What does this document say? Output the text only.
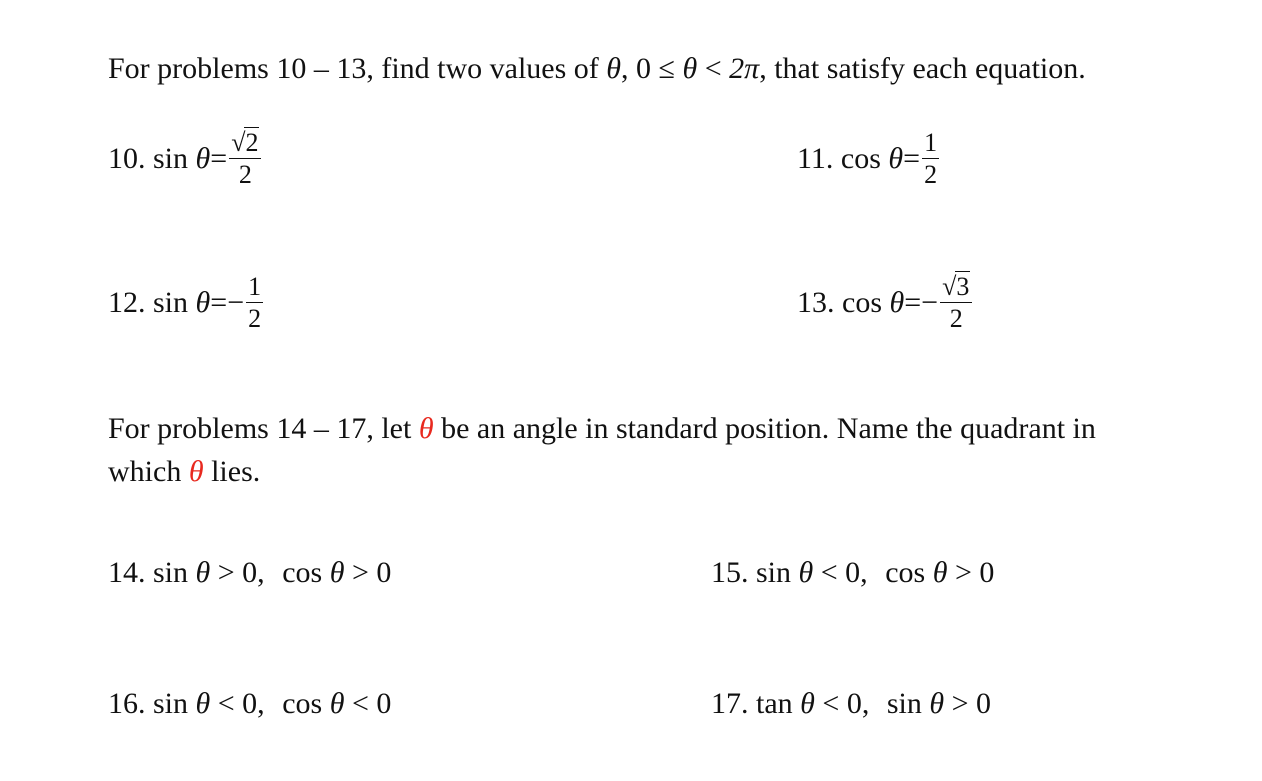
For problems 10 – 13, find two values of θ, 0 ≤ θ < 2π, that satisfy each equation.
10. $\sin \theta= \frac{√2}{2}$	11. $\cos \theta= \frac{1}{2}$
12. $\sin \theta=- \frac{1}{2}$	13. $\cos \theta=- \frac{√3}{2}$
For problems 14 – 17, let θ be an angle in standard position. Name the quadrant in
which θ lies.
14. sin θ > 0, cos θ > 0	15. sin θ < 0, cos θ > 0
16. sin θ < 0, cos θ < 0	17. tan θ < 0, sin θ > 0
